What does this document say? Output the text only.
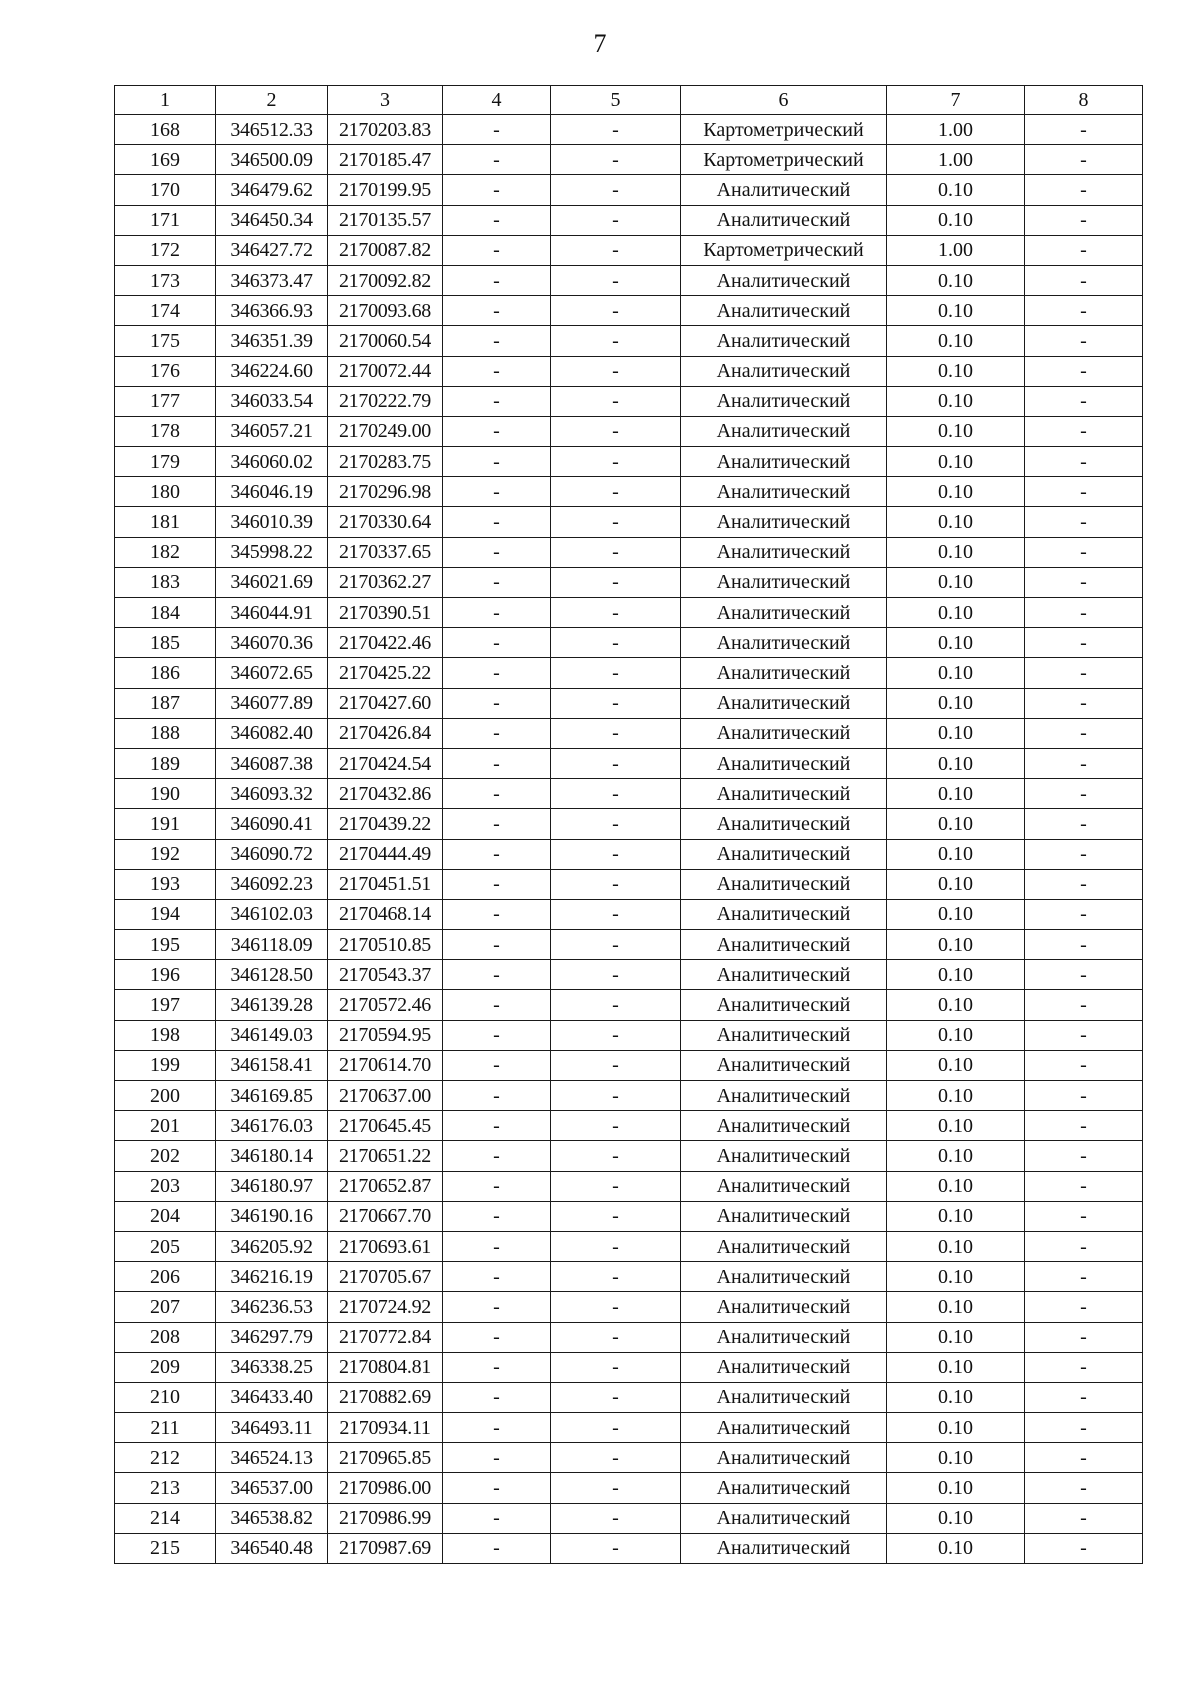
7
1	2	3	4	5	6	7	8
168	346512.33	2170203.83	-	-	Картометрический	1.00	-
169	346500.09	2170185.47	-	-	Картометрический	1.00	-
170	346479.62	2170199.95	-	-	Аналитический	0.10	-
171	346450.34	2170135.57	-	-	Аналитический	0.10	-
172	346427.72	2170087.82	-	-	Картометрический	1.00	-
173	346373.47	2170092.82	-	-	Аналитический	0.10	-
174	346366.93	2170093.68	-	-	Аналитический	0.10	-
175	346351.39	2170060.54	-	-	Аналитический	0.10	-
176	346224.60	2170072.44	-	-	Аналитический	0.10	-
177	346033.54	2170222.79	-	-	Аналитический	0.10	-
178	346057.21	2170249.00	-	-	Аналитический	0.10	-
179	346060.02	2170283.75	-	-	Аналитический	0.10	-
180	346046.19	2170296.98	-	-	Аналитический	0.10	-
181	346010.39	2170330.64	-	-	Аналитический	0.10	-
182	345998.22	2170337.65	-	-	Аналитический	0.10	-
183	346021.69	2170362.27	-	-	Аналитический	0.10	-
184	346044.91	2170390.51	-	-	Аналитический	0.10	-
185	346070.36	2170422.46	-	-	Аналитический	0.10	-
186	346072.65	2170425.22	-	-	Аналитический	0.10	-
187	346077.89	2170427.60	-	-	Аналитический	0.10	-
188	346082.40	2170426.84	-	-	Аналитический	0.10	-
189	346087.38	2170424.54	-	-	Аналитический	0.10	-
190	346093.32	2170432.86	-	-	Аналитический	0.10	-
191	346090.41	2170439.22	-	-	Аналитический	0.10	-
192	346090.72	2170444.49	-	-	Аналитический	0.10	-
193	346092.23	2170451.51	-	-	Аналитический	0.10	-
194	346102.03	2170468.14	-	-	Аналитический	0.10	-
195	346118.09	2170510.85	-	-	Аналитический	0.10	-
196	346128.50	2170543.37	-	-	Аналитический	0.10	-
197	346139.28	2170572.46	-	-	Аналитический	0.10	-
198	346149.03	2170594.95	-	-	Аналитический	0.10	-
199	346158.41	2170614.70	-	-	Аналитический	0.10	-
200	346169.85	2170637.00	-	-	Аналитический	0.10	-
201	346176.03	2170645.45	-	-	Аналитический	0.10	-
202	346180.14	2170651.22	-	-	Аналитический	0.10	-
203	346180.97	2170652.87	-	-	Аналитический	0.10	-
204	346190.16	2170667.70	-	-	Аналитический	0.10	-
205	346205.92	2170693.61	-	-	Аналитический	0.10	-
206	346216.19	2170705.67	-	-	Аналитический	0.10	-
207	346236.53	2170724.92	-	-	Аналитический	0.10	-
208	346297.79	2170772.84	-	-	Аналитический	0.10	-
209	346338.25	2170804.81	-	-	Аналитический	0.10	-
210	346433.40	2170882.69	-	-	Аналитический	0.10	-
211	346493.11	2170934.11	-	-	Аналитический	0.10	-
212	346524.13	2170965.85	-	-	Аналитический	0.10	-
213	346537.00	2170986.00	-	-	Аналитический	0.10	-
214	346538.82	2170986.99	-	-	Аналитический	0.10	-
215	346540.48	2170987.69	-	-	Аналитический	0.10	-
